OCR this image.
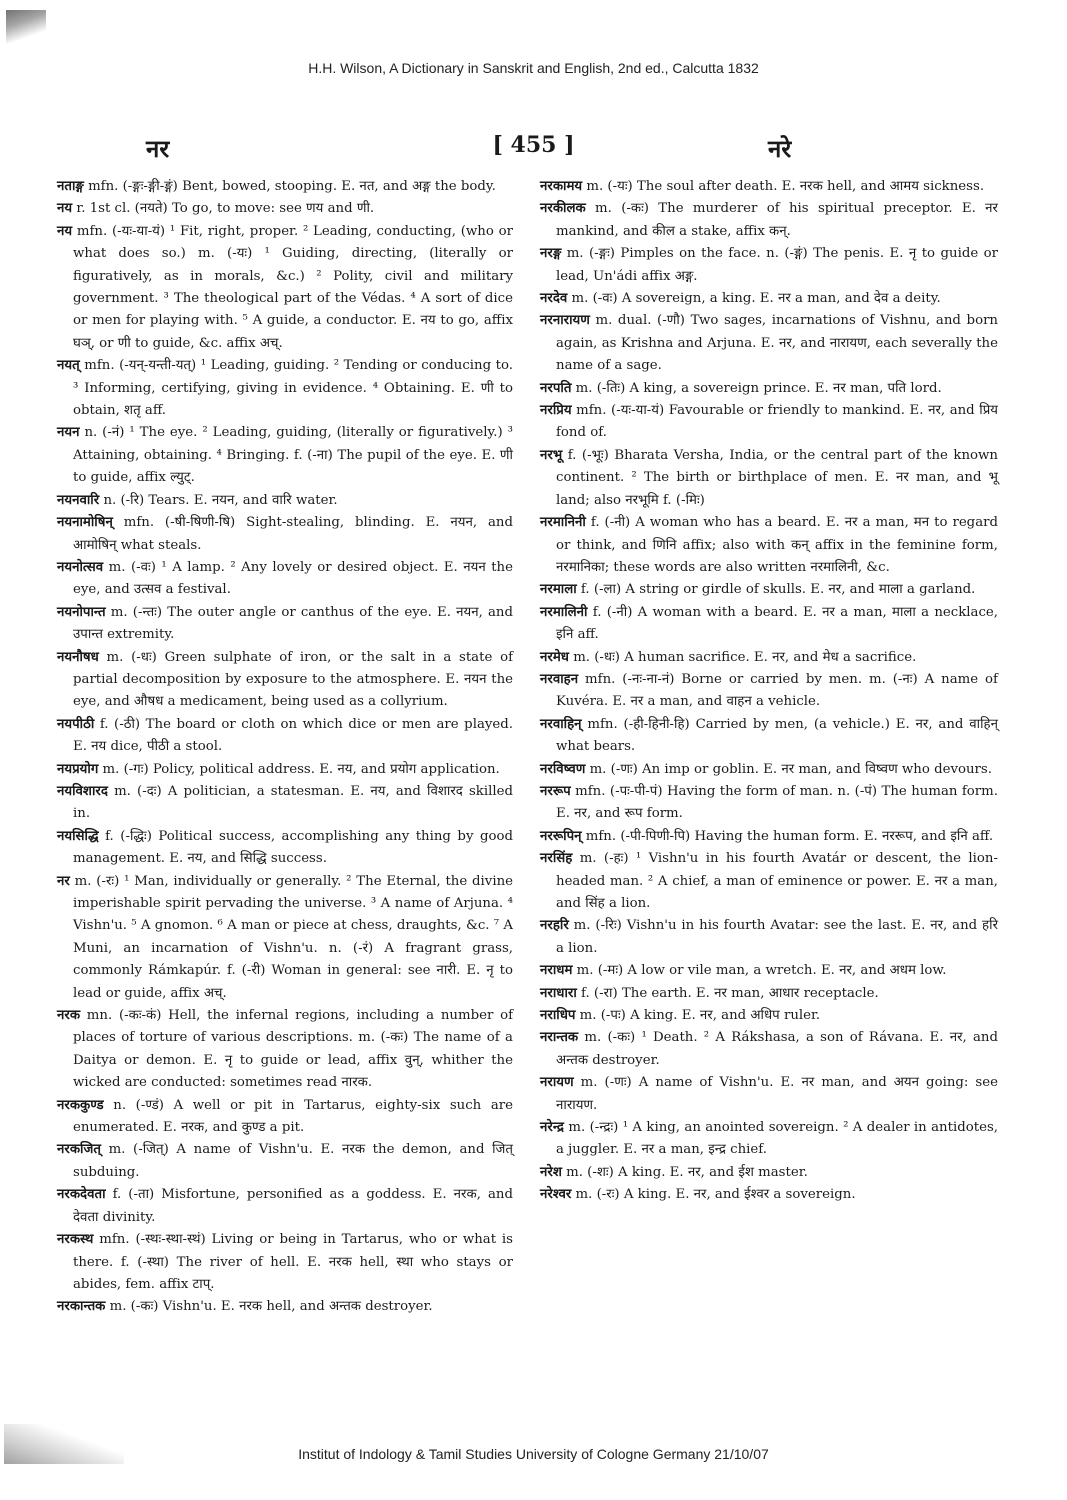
H.H. Wilson, A Dictionary in Sanskrit and English, 2nd ed., Calcutta 1832
नर	[ 455 ]	नरे

नताङ्ग mfn. (-ङ्गः-ङ्गी-ङ्गं) Bent, bowed, stooping. E. नत, and अङ्ग the body.

नय r. 1st cl. (नयते) To go, to move: see णय and णी.

नय mfn. (-यः-या-यं) ¹ Fit, right, proper. ² Leading, conducting, (who or what does so.) m. (-यः) ¹ Guiding, directing, (literally or figuratively, as in morals, &c.) ² Polity, civil and military government. ³ The theological part of the Védas. ⁴ A sort of dice or men for playing with. ⁵ A guide, a conductor. E. नय to go, affix घञ्, or णी to guide, &c. affix अच्.

नयत् mfn. (-यन्-यन्ती-यत्) ¹ Leading, guiding. ² Tending or conducing to. ³ Informing, certifying, giving in evidence. ⁴ Obtaining. E. णी to obtain, शतृ aff.

नयन n. (-नं) ¹ The eye. ² Leading, guiding, (literally or figuratively.) ³ Attaining, obtaining. ⁴ Bringing. f. (-ना) The pupil of the eye. E. णी to guide, affix ल्युट्.

नयनवारि n. (-रि) Tears. E. नयन, and वारि water.

नयनामोषिन् mfn. (-षी-षिणी-षि) Sight-stealing, blinding. E. नयन, and आमोषिन् what steals.

नयनोत्सव m. (-वः) ¹ A lamp. ² Any lovely or desired object. E. नयन the eye, and उत्सव a festival.

नयनोपान्त m. (-न्तः) The outer angle or canthus of the eye. E. नयन, and उपान्त extremity.

नयनौषध m. (-धः) Green sulphate of iron, or the salt in a state of partial decomposition by exposure to the atmosphere. E. नयन the eye, and औषध a medicament, being used as a collyrium.

नयपीठी f. (-ठी) The board or cloth on which dice or men are played. E. नय dice, पीठी a stool.

नयप्रयोग m. (-गः) Policy, political address. E. नय, and प्रयोग application.

नयविशारद m. (-दः) A politician, a statesman. E. नय, and विशारद skilled in.

नयसिद्धि f. (-द्धिः) Political success, accomplishing any thing by good management. E. नय, and सिद्धि success.

नर m. (-रः) ¹ Man, individually or generally. ² The Eternal, the divine imperishable spirit pervading the universe. ³ A name of Arjuna. ⁴ Vishn'u. ⁵ A gnomon. ⁶ A man or piece at chess, draughts, &c. ⁷ A Muni, an incarnation of Vishn'u. n. (-रं) A fragrant grass, commonly Rámkapúr. f. (-री) Woman in general: see नारी. E. नृ to lead or guide, affix अच्.

नरक mn. (-कः-कं) Hell, the infernal regions, including a number of places of torture of various descriptions. m. (-कः) The name of a Daitya or demon. E. नृ to guide or lead, affix वुन्, whither the wicked are conducted: sometimes read नारक.

नरककुण्ड n. (-ण्डं) A well or pit in Tartarus, eighty-six such are enumerated. E. नरक, and कुण्ड a pit.

नरकजित् m. (-जित्) A name of Vishn'u. E. नरक the demon, and जित् subduing.

नरकदेवता f. (-ता) Misfortune, personified as a goddess. E. नरक, and देवता divinity.

नरकस्थ mfn. (-स्थः-स्था-स्थं) Living or being in Tartarus, who or what is there. f. (-स्था) The river of hell. E. नरक hell, स्था who stays or abides, fem. affix टाप्.

नरकान्तक m. (-कः) Vishn'u. E. नरक hell, and अन्तक destroyer.

नरकामय m. (-यः) The soul after death. E. नरक hell, and आमय sickness.

नरकीलक m. (-कः) The murderer of his spiritual preceptor. E. नर mankind, and कील a stake, affix कन्.

नरङ्ग m. (-ङ्गः) Pimples on the face. n. (-ङ्गं) The penis. E. नृ to guide or lead, Un'ádi affix अङ्ग.

नरदेव m. (-वः) A sovereign, a king. E. नर a man, and देव a deity.

नरनारायण m. dual. (-णौ) Two sages, incarnations of Vishnu, and born again, as Krishna and Arjuna. E. नर, and नारायण, each severally the name of a sage.

नरपति m. (-तिः) A king, a sovereign prince. E. नर man, पति lord.

नरप्रिय mfn. (-यः-या-यं) Favourable or friendly to mankind. E. नर, and प्रिय fond of.

नरभू f. (-भूः) Bharata Versha, India, or the central part of the known continent. ² The birth or birthplace of men. E. नर man, and भू land; also नरभूमि f. (-मिः)

नरमानिनी f. (-नी) A woman who has a beard. E. नर a man, मन to regard or think, and णिनि affix; also with कन् affix in the feminine form, नरमानिका; these words are also written नरमालिनी, &c.

नरमाला f. (-ला) A string or girdle of skulls. E. नर, and माला a garland.

नरमालिनी f. (-नी) A woman with a beard. E. नर a man, माला a necklace, इनि aff.

नरमेध m. (-धः) A human sacrifice. E. नर, and मेध a sacrifice.

नरवाहन mfn. (-नः-ना-नं) Borne or carried by men. m. (-नः) A name of Kuvéra. E. नर a man, and वाहन a vehicle.

नरवाहिन् mfn. (-ही-हिनी-हि) Carried by men, (a vehicle.) E. नर, and वाहिन् what bears.

नरविष्वण m. (-णः) An imp or goblin. E. नर man, and विष्वण who devours.

नररूप mfn. (-पः-पी-पं) Having the form of man. n. (-पं) The human form. E. नर, and रूप form.

नररूपिन् mfn. (-पी-पिणी-पि) Having the human form. E. नररूप, and इनि aff.

नरसिंह m. (-हः) ¹ Vishn'u in his fourth Avatár or descent, the lion-headed man. ² A chief, a man of eminence or power. E. नर a man, and सिंह a lion.

नरहरि m. (-रिः) Vishn'u in his fourth Avatar: see the last. E. नर, and हरि a lion.

नराधम m. (-मः) A low or vile man, a wretch. E. नर, and अधम low.

नराधारा f. (-रा) The earth. E. नर man, आधार receptacle.

नराधिप m. (-पः) A king. E. नर, and अधिप ruler.

नरान्तक m. (-कः) ¹ Death. ² A Rákshasa, a son of Rávana. E. नर, and अन्तक destroyer.

नरायण m. (-णः) A name of Vishn'u. E. नर man, and अयन going: see नारायण.

नरेन्द्र m. (-न्द्रः) ¹ A king, an anointed sovereign. ² A dealer in antidotes, a juggler. E. नर a man, इन्द्र chief.

नरेश m. (-शः) A king. E. नर, and ईश master.

नरेश्वर m. (-रः) A king. E. नर, and ईश्वर a sovereign.

Institut of Indology & Tamil Studies University of Cologne Germany 21/10/07
